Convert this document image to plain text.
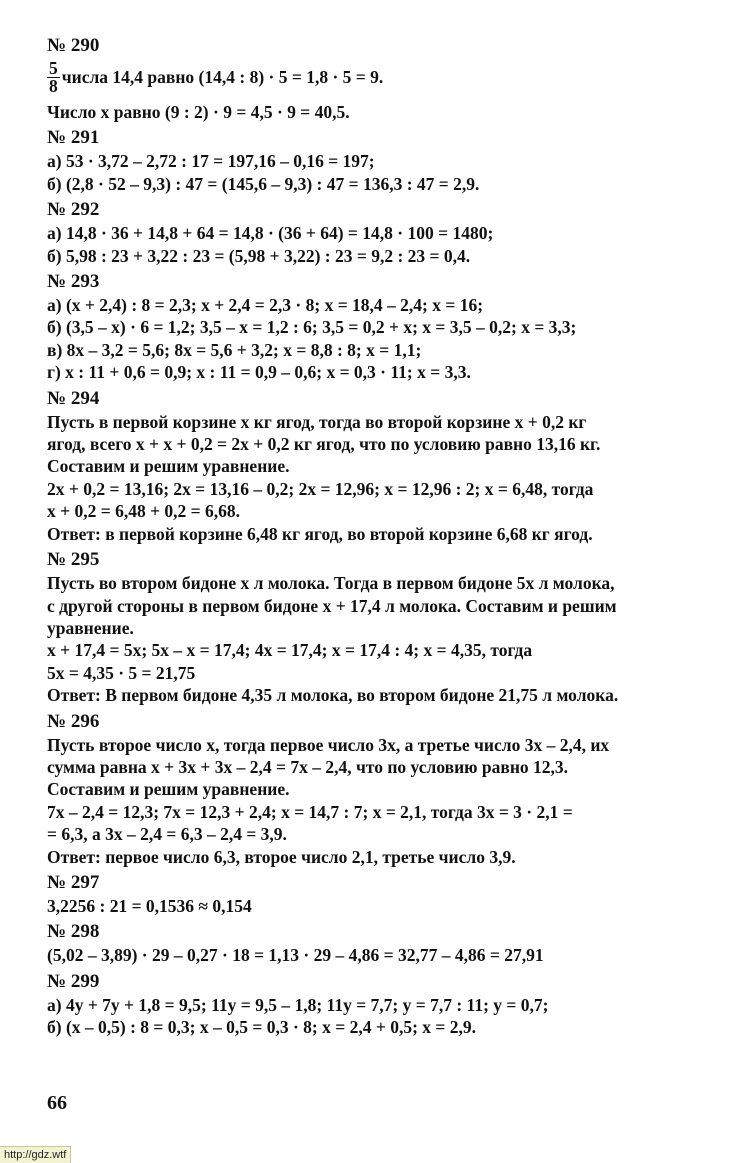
№ 290
$\frac{5}{8}$ числа 14,4 равно (14,4 : 8) · 5 = 1,8 · 5 = 9.
Число x равно (9 : 2) · 9 = 4,5 · 9 = 40,5.
№ 291
а) 53 · 3,72 – 2,72 : 17 = 197,16 – 0,16 = 197;
б) (2,8 · 52 – 9,3) : 47 = (145,6 – 9,3) : 47 = 136,3 : 47 = 2,9.
№ 292
а) 14,8 · 36 + 14,8 + 64 = 14,8 · (36 + 64) = 14,8 · 100 = 1480;
б) 5,98 : 23 + 3,22 : 23 = (5,98 + 3,22) : 23 = 9,2 : 23 = 0,4.
№ 293
а) (x + 2,4) : 8 = 2,3; x + 2,4 = 2,3 · 8; x = 18,4 – 2,4; x = 16;
б) (3,5 – x) · 6 = 1,2; 3,5 – x = 1,2 : 6; 3,5 = 0,2 + x; x = 3,5 – 0,2; x = 3,3;
в) 8x – 3,2 = 5,6; 8x = 5,6 + 3,2; x = 8,8 : 8; x = 1,1;
г) x : 11 + 0,6 = 0,9; x : 11 = 0,9 – 0,6; x = 0,3 · 11; x = 3,3.
№ 294
Пусть в первой корзине x кг ягод, тогда во второй корзине x + 0,2 кг
ягод, всего x + x + 0,2 = 2x + 0,2 кг ягод, что по условию равно 13,16 кг.
Составим и решим уравнение.
2x + 0,2 = 13,16; 2x = 13,16 – 0,2; 2x = 12,96; x = 12,96 : 2; x = 6,48, тогда
x + 0,2 = 6,48 + 0,2 = 6,68.
Ответ: в первой корзине 6,48 кг ягод, во второй корзине 6,68 кг ягод.
№ 295
Пусть во втором бидоне x л молока. Тогда в первом бидоне 5x л молока,
с другой стороны в первом бидоне x + 17,4 л молока. Составим и решим
уравнение.
x + 17,4 = 5x; 5x – x = 17,4; 4x = 17,4; x = 17,4 : 4; x = 4,35, тогда
5x = 4,35 · 5 = 21,75
Ответ: В первом бидоне 4,35 л молока, во втором бидоне 21,75 л молока.
№ 296
Пусть второе число x, тогда первое число 3x, а третье число 3x – 2,4, их
сумма равна x + 3x + 3x – 2,4 = 7x – 2,4, что по условию равно 12,3.
Составим и решим уравнение.
7x – 2,4 = 12,3; 7x = 12,3 + 2,4; x = 14,7 : 7; x = 2,1, тогда 3x = 3 · 2,1 =
= 6,3, а 3x – 2,4 = 6,3 – 2,4 = 3,9.
Ответ: первое число 6,3, второе число 2,1, третье число 3,9.
№ 297
3,2256 : 21 = 0,1536 ≈ 0,154
№ 298
(5,02 – 3,89) · 29 – 0,27 · 18 = 1,13 · 29 – 4,86 = 32,77 – 4,86 = 27,91
№ 299
а) 4y + 7y + 1,8 = 9,5; 11y = 9,5 – 1,8; 11y = 7,7; y = 7,7 : 11; y = 0,7;
б) (x – 0,5) : 8 = 0,3; x – 0,5 = 0,3 · 8; x = 2,4 + 0,5; x = 2,9.
66
http://gdz.wtf
